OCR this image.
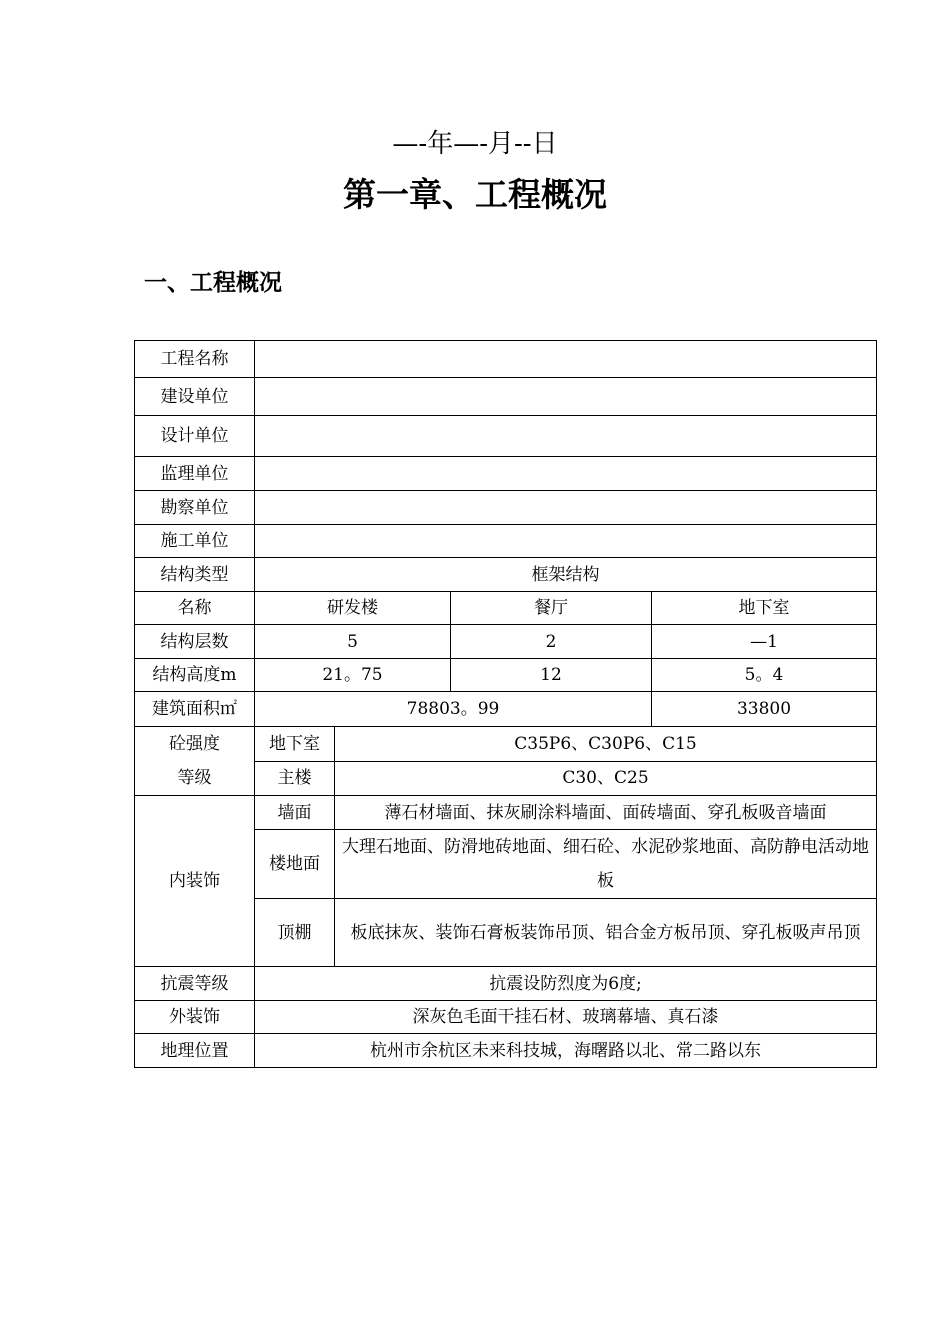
—-年—-月--日
第一章、工程概况
一、工程概况
工程名称				
建设单位				
设计单位				
监理单位				
勘察单位				
施工单位				
结构类型	框架结构			
名称	研发楼		餐厅	地下室
结构层数	5		2	—1
结构高度m	21。75		12	5。4
建筑面积㎡	78803。99			33800

砼强度
等级	地下室	C35P6、C30P6、C15		
	主楼	C30、C25		
内装饰	墙面	薄石材墙面、抹灰刷涂料墙面、面砖墙面、穿孔板吸音墙面		
	楼地面	大理石地面、防滑地砖地面、细石砼、水泥砂浆地面、高防静电活动地板		
	顶棚	板底抹灰、装饰石膏板装饰吊顶、铝合金方板吊顶、穿孔板吸声吊顶		
抗震等级	抗震设防烈度为6度;			
外装饰	深灰色毛面干挂石材、玻璃幕墙、真石漆			
地理位置	杭州市余杭区未来科技城，海曙路以北、常二路以东			
